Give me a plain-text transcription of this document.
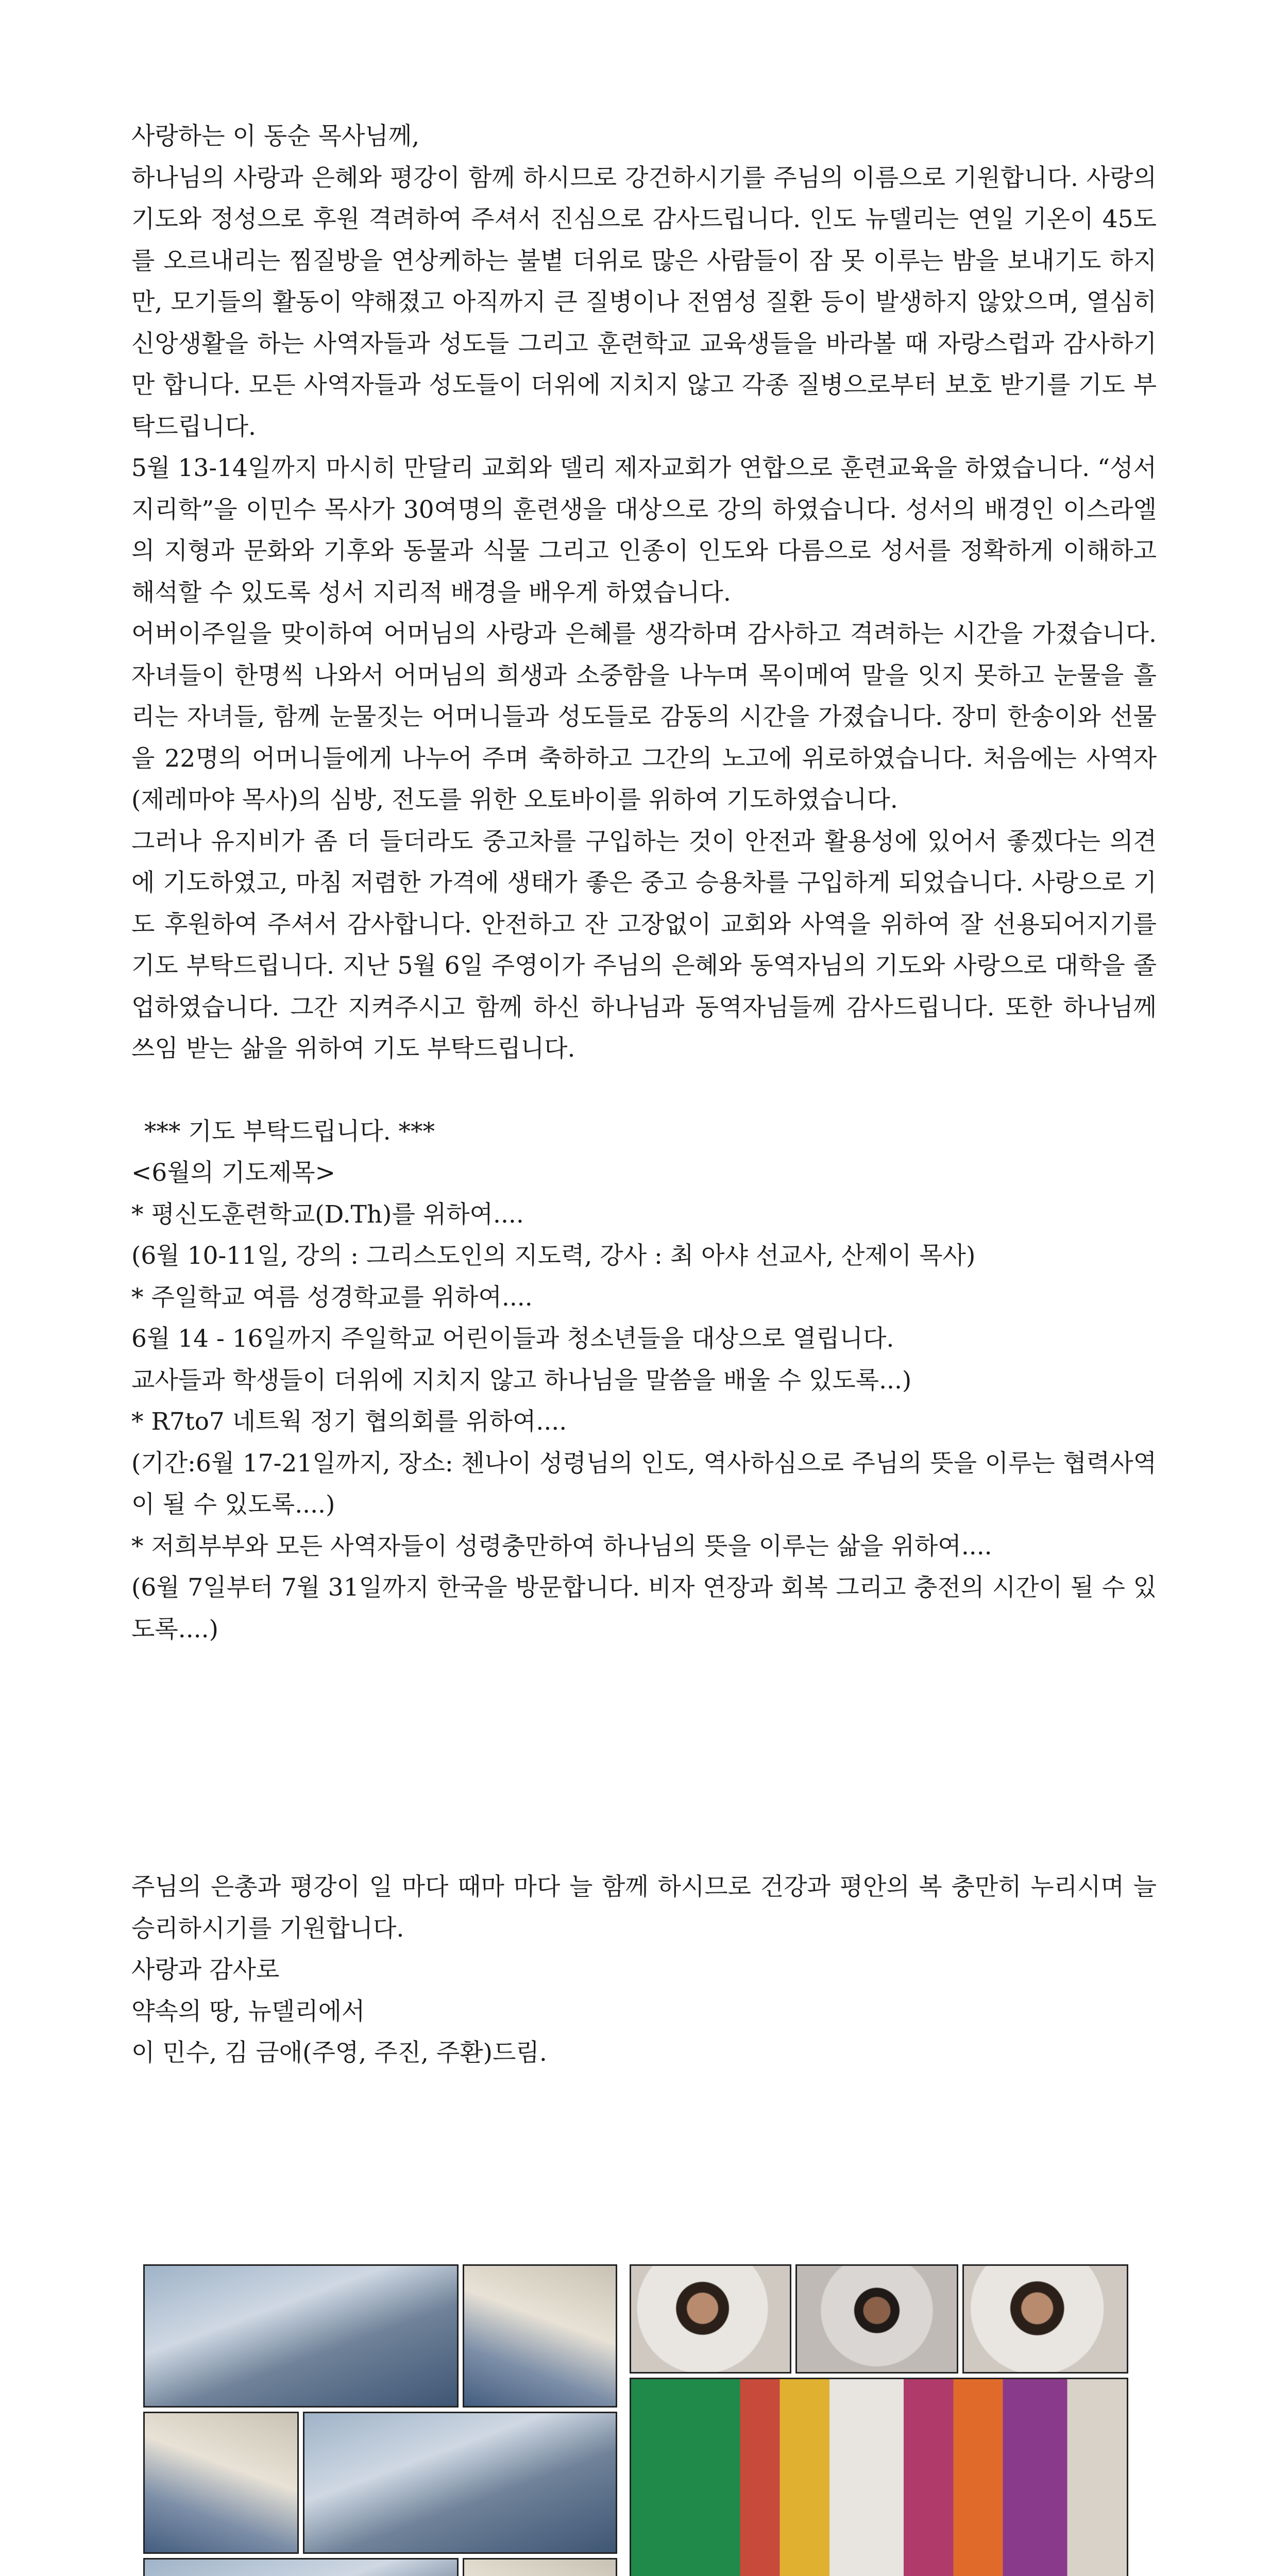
사랑하는 이 동순 목사님께,

하나님의 사랑과 은혜와 평강이 함께 하시므로 강건하시기를 주님의 이름으로 기원합니다. 사랑의 기도와 정성으로 후원 격려하여 주셔서 진심으로 감사드립니다. 인도 뉴델리는 연일 기온이 45도를 오르내리는 찜질방을 연상케하는 불볕 더위로 많은 사람들이 잠 못 이루는 밤을 보내기도 하지만, 모기들의 활동이 약해졌고 아직까지 큰 질병이나 전염성 질환 등이 발생하지 않았으며, 열심히 신앙생활을 하는 사역자들과 성도들 그리고 훈련학교 교육생들을 바라볼 때 자랑스럽과 감사하기만 합니다. 모든 사역자들과 성도들이 더위에 지치지 않고 각종 질병으로부터 보호 받기를 기도 부탁드립니다.

5월 13-14일까지 마시히 만달리 교회와 델리 제자교회가 연합으로 훈련교육을 하였습니다. “성서지리학”을 이민수 목사가 30여명의 훈련생을 대상으로 강의 하였습니다. 성서의 배경인 이스라엘의 지형과 문화와 기후와 동물과 식물 그리고 인종이 인도와 다름으로 성서를 정확하게 이해하고 해석할 수 있도록 성서 지리적 배경을 배우게 하였습니다.

어버이주일을 맞이하여 어머님의 사랑과 은혜를 생각하며 감사하고 격려하는 시간을 가졌습니다. 자녀들이 한명씩 나와서 어머님의 희생과 소중함을 나누며 목이메여 말을 잇지 못하고 눈물을 흘리는 자녀들, 함께 눈물짓는 어머니들과 성도들로 감동의 시간을 가졌습니다. 장미 한송이와 선물을 22명의 어머니들에게 나누어 주며 축하하고 그간의 노고에 위로하였습니다. 처음에는 사역자(제레마야 목사)의 심방, 전도를 위한 오토바이를 위하여 기도하였습니다.

그러나 유지비가 좀 더 들더라도 중고차를 구입하는 것이 안전과 활용성에 있어서 좋겠다는 의견에 기도하였고, 마침 저렴한 가격에 생태가 좋은 중고 승용차를 구입하게 되었습니다. 사랑으로 기도 후원하여 주셔서 감사합니다. 안전하고 잔 고장없이 교회와 사역을 위하여 잘 선용되어지기를 기도 부탁드립니다. 지난 5월 6일 주영이가 주님의 은혜와 동역자님의 기도와 사랑으로 대학을 졸업하였습니다. 그간 지켜주시고 함께 하신 하나님과 동역자님들께 감사드립니다. 또한 하나님께 쓰임 받는 삶을 위하여 기도 부탁드립니다.

*** 기도 부탁드립니다. ***

<6월의 기도제목>

* 평신도훈련학교(D.Th)를 위하여....

(6월 10-11일, 강의 : 그리스도인의 지도력, 강사 : 최 아샤 선교사, 산제이 목사)

* 주일학교 여름 성경학교를 위하여....

6월 14 - 16일까지 주일학교 어린이들과 청소년들을 대상으로 열립니다.

교사들과 학생들이 더위에 지치지 않고 하나님을 말씀을 배울 수 있도록...)

* R7to7 네트웍 정기 협의회를 위하여....

(기간:6월 17-21일까지, 장소: 첸나이 성령님의 인도, 역사하심으로 주님의 뜻을 이루는 협력사역이 될 수 있도록....)

* 저희부부와 모든 사역자들이 성령충만하여 하나님의 뜻을 이루는 삶을 위하여....

(6월 7일부터 7월 31일까지 한국을 방문합니다. 비자 연장과 회복 그리고 충전의 시간이 될 수 있도록....)

주님의 은총과 평강이 일 마다 때마 마다 늘 함께 하시므로 건강과 평안의 복 충만히 누리시며 늘 승리하시기를 기원합니다.

사랑과 감사로

약속의 땅, 뉴델리에서

이 민수, 김 금애(주영, 주진, 주환)드림.
